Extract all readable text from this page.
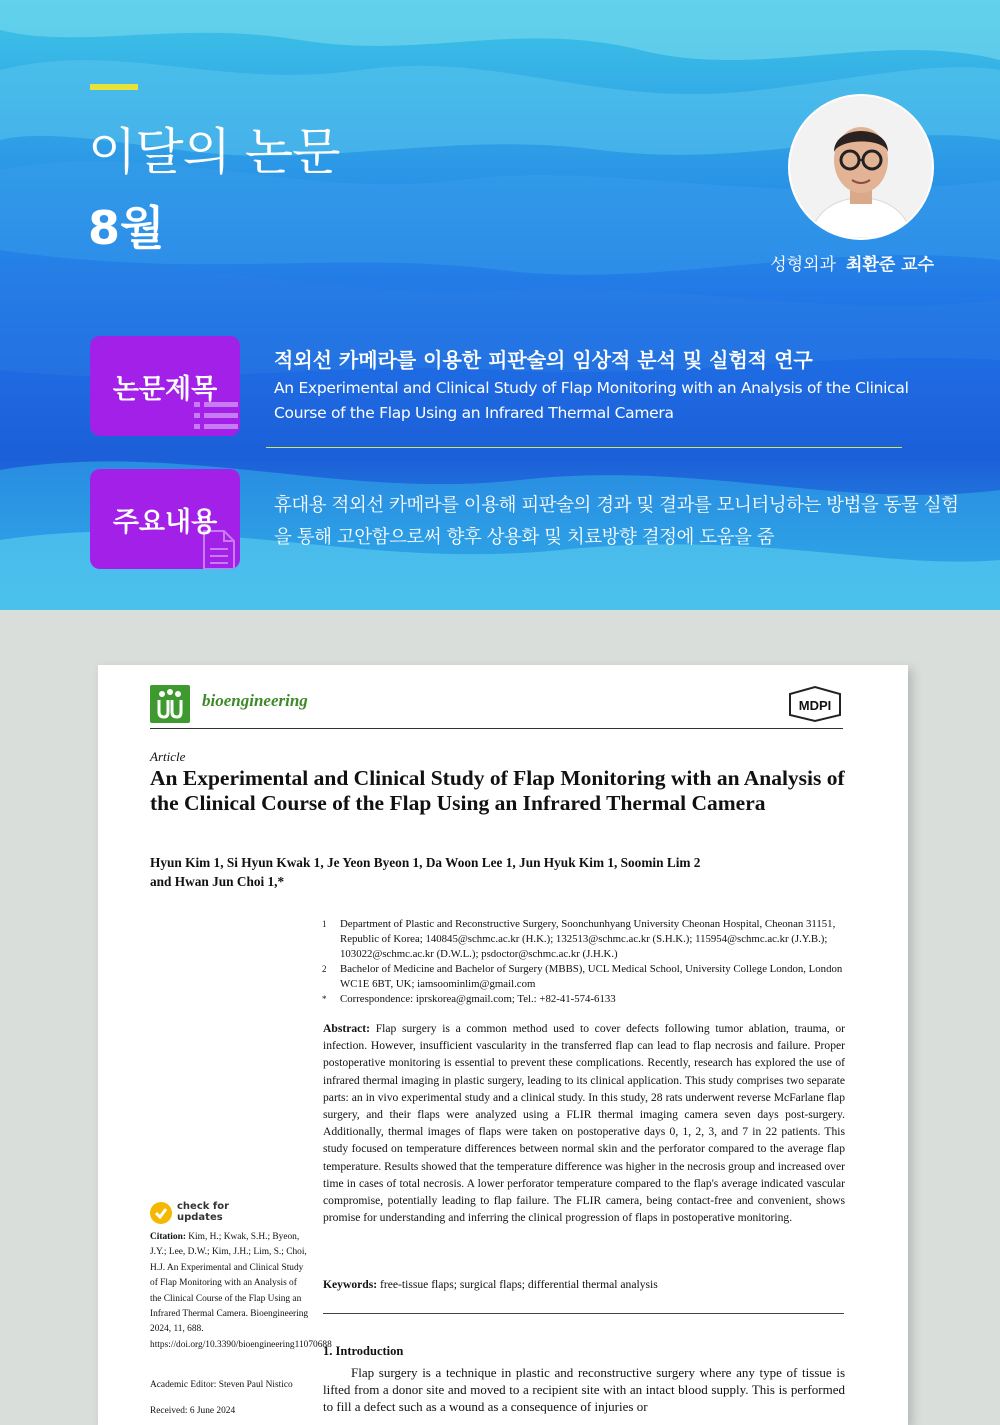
이달의 논문
8월
성형외과 최환준 교수
논문제목
적외선 카메라를 이용한 피판술의 임상적 분석 및 실험적 연구
An Experimental and Clinical Study of Flap Monitoring with an Analysis of the Clinical Course of the Flap Using an Infrared Thermal Camera
주요내용
휴대용 적외선 카메라를 이용해 피판술의 경과 및 결과를 모니터닝하는 방법을 동물 실험을 통해 고안함으로써 향후 상용화 및 치료방향 결정에 도움을 줌
bioengineering	MDPI
Article
An Experimental and Clinical Study of Flap Monitoring with an Analysis of the Clinical Course of the Flap Using an Infrared Thermal Camera
Hyun Kim 1, Si Hyun Kwak 1, Je Yeon Byeon 1, Da Woon Lee 1, Jun Hyuk Kim 1, Soomin Lim 2
and Hwan Jun Choi 1,*
1	Department of Plastic and Reconstructive Surgery, Soonchunhyang University Cheonan Hospital, Cheonan 31151, Republic of Korea; 140845@schmc.ac.kr (H.K.); 132513@schmc.ac.kr (S.H.K.); 115954@schmc.ac.kr (J.Y.B.); 103022@schmc.ac.kr (D.W.L.); psdoctor@schmc.ac.kr (J.H.K.)
2	Bachelor of Medicine and Bachelor of Surgery (MBBS), UCL Medical School, University College London, London WC1E 6BT, UK; iamsoominlim@gmail.com
*	Correspondence: iprskorea@gmail.com; Tel.: +82-41-574-6133
Abstract: Flap surgery is a common method used to cover defects following tumor ablation, trauma, or infection. However, insufficient vascularity in the transferred flap can lead to flap necrosis and failure. Proper postoperative monitoring is essential to prevent these complications. Recently, research has explored the use of infrared thermal imaging in plastic surgery, leading to its clinical application. This study comprises two separate parts: an in vivo experimental study and a clinical study. In this study, 28 rats underwent reverse McFarlane flap surgery, and their flaps were analyzed using a FLIR thermal imaging camera seven days post-surgery. Additionally, thermal images of flaps were taken on postoperative days 0, 1, 2, 3, and 7 in 22 patients. This study focused on temperature differences between normal skin and the perforator compared to the average flap temperature. Results showed that the temperature difference was higher in the necrosis group and increased over time in cases of total necrosis. A lower perforator temperature compared to the flap's average indicated vascular compromise, potentially leading to flap failure. The FLIR camera, being contact-free and convenient, shows promise for understanding and inferring the clinical progression of flaps in postoperative monitoring.
Keywords: free-tissue flaps; surgical flaps; differential thermal analysis
1. Introduction
Flap surgery is a technique in plastic and reconstructive surgery where any type of tissue is lifted from a donor site and moved to a recipient site with an intact blood supply. This is performed to fill a defect such as a wound as a consequence of injuries or
check for
updates
Citation: Kim, H.; Kwak, S.H.; Byeon, J.Y.; Lee, D.W.; Kim, J.H.; Lim, S.; Choi, H.J. An Experimental and Clinical Study of Flap Monitoring with an Analysis of the Clinical Course of the Flap Using an Infrared Thermal Camera. Bioengineering 2024, 11, 688. https://doi.org/10.3390/bioengineering11070688
Academic Editor: Steven Paul Nistico
Received: 6 June 2024
